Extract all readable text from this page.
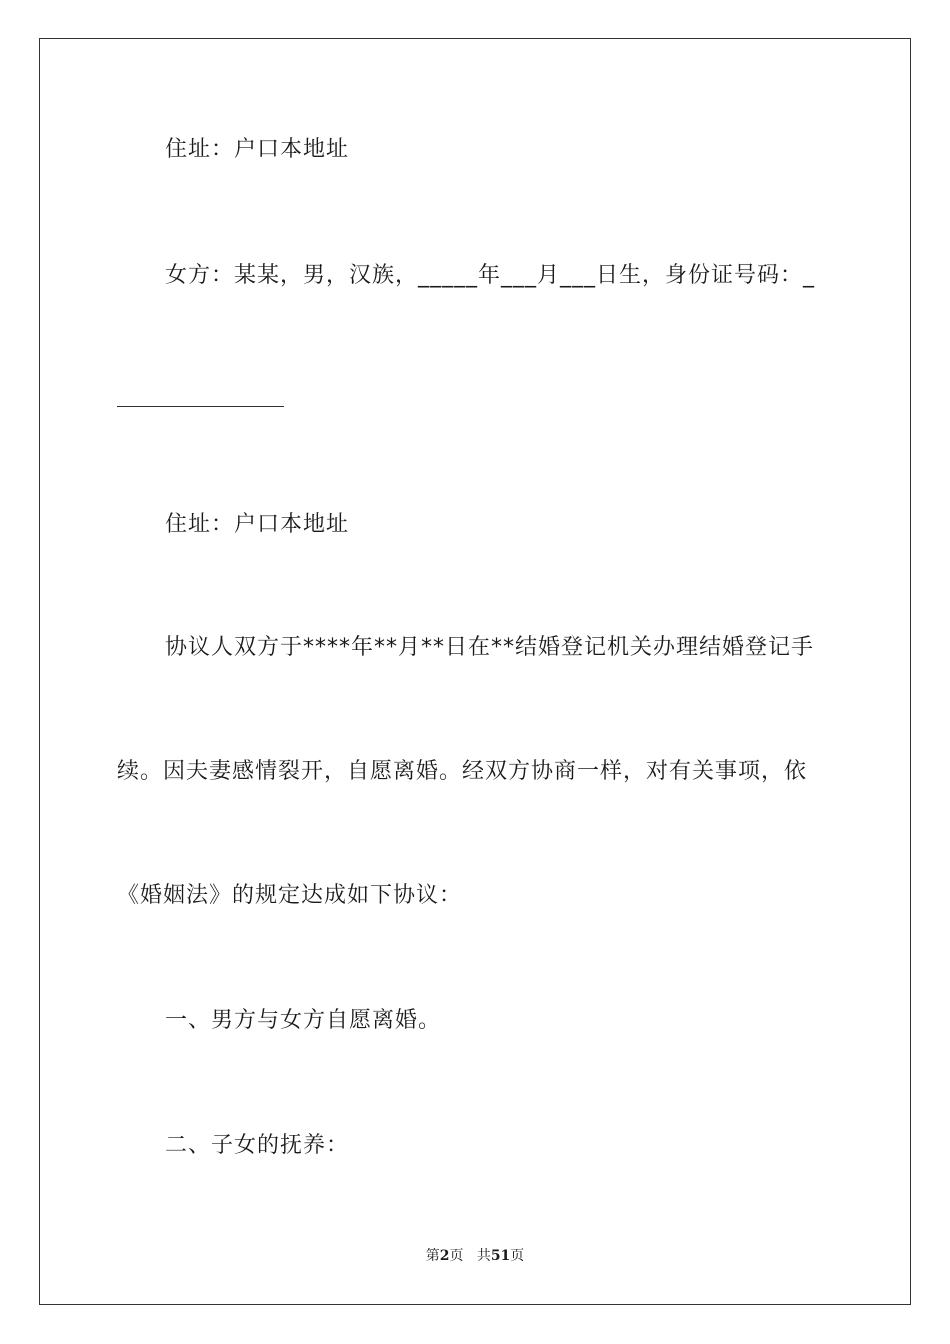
住址：户口本地址
女方：某某，男，汉族，_____年___月___日生，身份证号码：_
住址：户口本地址
协议人双方于****年**月**日在**结婚登记机关办理结婚登记手
续。因夫妻感情裂开，自愿离婚。经双方协商一样，对有关事项，依
《婚姻法》的规定达成如下协议：
一、男方与女方自愿离婚。
二、子女的抚养：
第2页 共51页
